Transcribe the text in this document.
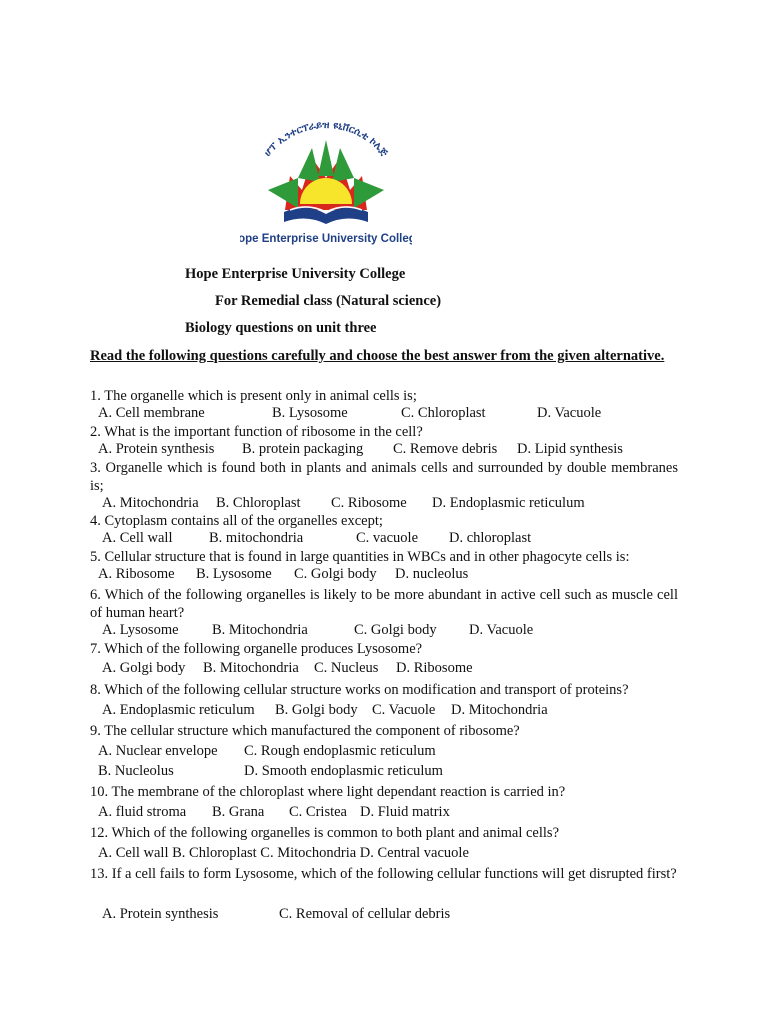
ሆፕ ኢንተርፕራይዝ ዩኒቨርሲቲ ኮሌጅ
ope Enterprise University Colle
Hope Enterprise University College
For Remedial class (Natural science)
Biology questions on unit three
Read the following questions carefully and choose the best answer from the given alternative.
1. The organelle which is present only in animal cells is;
A. Cell membrane	B. Lysosome	C. Chloroplast	D. Vacuole
2. What is the important function of ribosome in the cell?
A. Protein synthesis B. protein packaging C. Remove debris D. Lipid synthesis
3. Organelle which is found both in plants and animals cells and surrounded by double membranes is;
A. Mitochondria B. Chloroplast C. Ribosome D. Endoplasmic reticulum
4. Cytoplasm contains all of the organelles except;
A. Cell wall	B. mitochondria	C. vacuole D. chloroplast
5. Cellular structure that is found in large quantities in WBCs and in other phagocyte cells is:
A. Ribosome B. Lysosome C. Golgi body D. nucleolus
6. Which of the following organelles is likely to be more abundant in active cell such as muscle cell of human heart?
A. Lysosome B. Mitochondria	C. Golgi body D. Vacuole
7. Which of the following organelle produces Lysosome?
A. Golgi body B. Mitochondria C. Nucleus D. Ribosome
8. Which of the following cellular structure works on modification and transport of proteins?
A. Endoplasmic reticulum B. Golgi body C. Vacuole D. Mitochondria
9. The cellular structure which manufactured the component of ribosome?
A. Nuclear envelope C. Rough endoplasmic reticulum
B. Nucleolus	D. Smooth endoplasmic reticulum
10. The membrane of the chloroplast where light dependant reaction is carried in?
A. fluid stroma B. Grana C. Cristea D. Fluid matrix
12. Which of the following organelles is common to both plant and animal cells?
A. Cell wall B. Chloroplast C. Mitochondria D. Central vacuole
13. If a cell fails to form Lysosome, which of the following cellular functions will get disrupted first?
A. Protein synthesis	C. Removal of cellular debris
